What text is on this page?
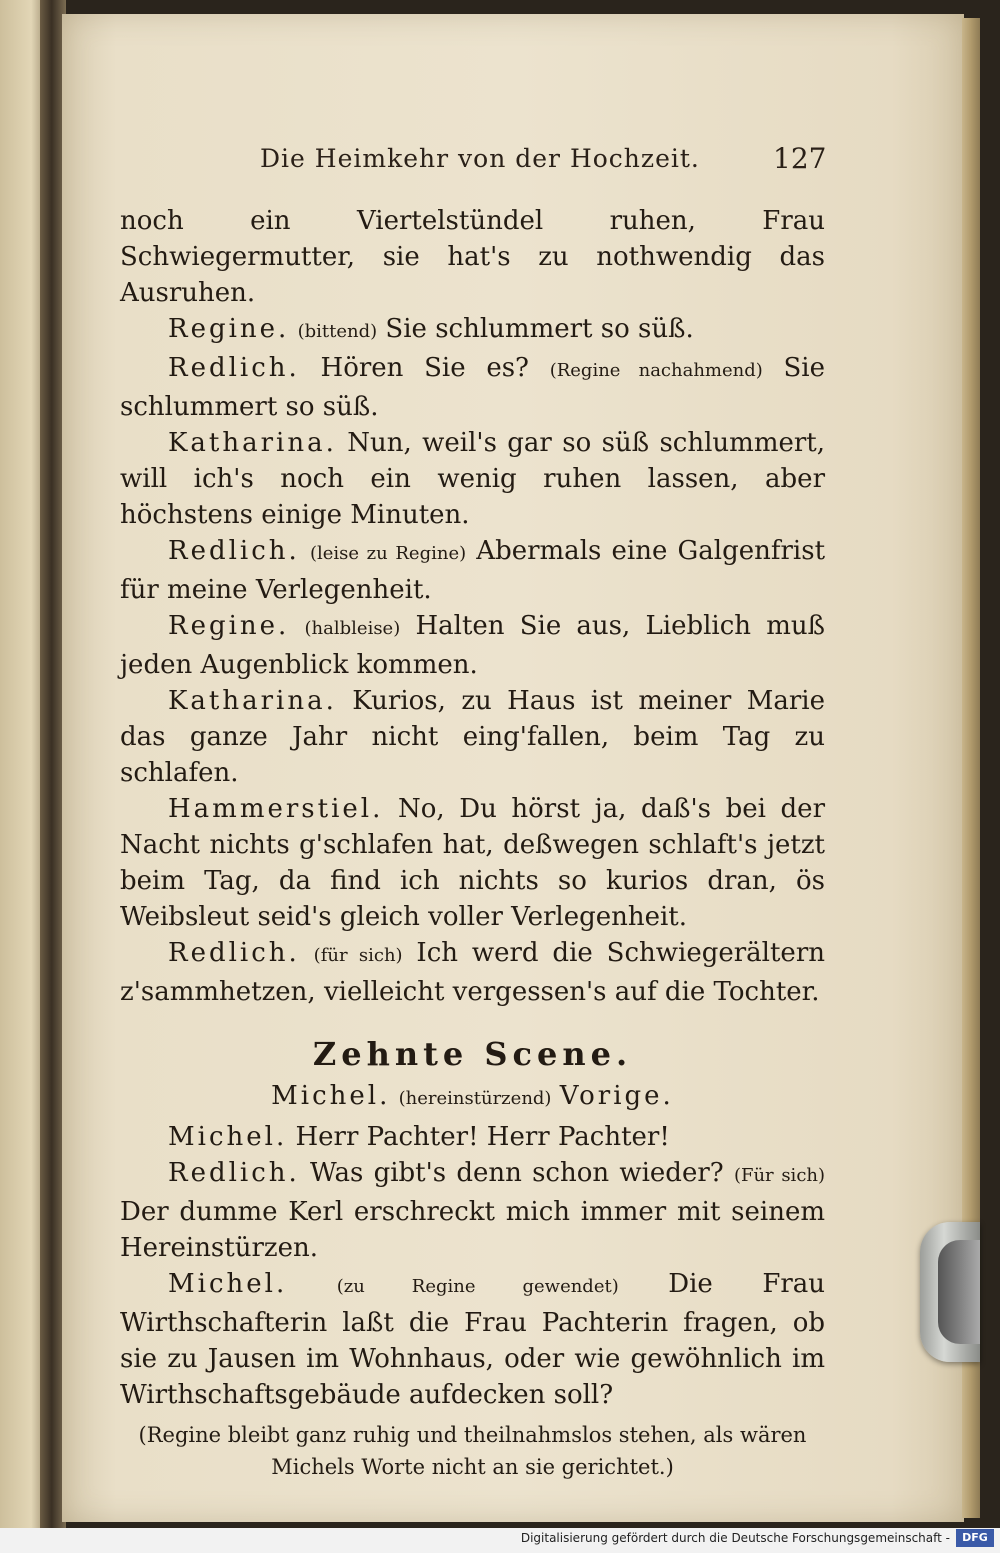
Die Heimkehr von der Hochzeit.	127

noch ein Viertelstündel ruhen, Frau Schwiegermutter, sie hat's zu nothwendig das Ausruhen.

Regine. (bittend) Sie schlummert so süß.

Redlich. Hören Sie es? (Regine nachahmend) Sie schlummert so süß.

Katharina. Nun, weil's gar so süß schlummert, will ich's noch ein wenig ruhen lassen, aber höchstens einige Minuten.

Redlich. (leise zu Regine) Abermals eine Galgenfrist für meine Verlegenheit.

Regine. (halbleise) Halten Sie aus, Lieblich muß jeden Augenblick kommen.

Katharina. Kurios, zu Haus ist meiner Marie das ganze Jahr nicht eing'fallen, beim Tag zu schlafen.

Hammerstiel. No, Du hörst ja, daß's bei der Nacht nichts g'schlafen hat, deßwegen schlaft's jetzt beim Tag, da find ich nichts so kurios dran, ös Weibsleut seid's gleich voller Verlegenheit.

Redlich. (für sich) Ich werd die Schwiegerältern z'sammhetzen, vielleicht vergessen's auf die Tochter.

Zehnte Scene.

Michel. (hereinstürzend) Vorige.

Michel. Herr Pachter! Herr Pachter!

Redlich. Was gibt's denn schon wieder? (Für sich) Der dumme Kerl erschreckt mich immer mit seinem Hereinstürzen.

Michel.	(zu Regine gewendet) Die Frau Wirthschafterin laßt die Frau Pachterin fragen, ob sie zu Jausen im Wohnhaus, oder wie gewöhnlich im Wirthschaftsgebäude aufdecken soll?

(Regine bleibt ganz ruhig und theilnahmslos stehen, als wären Michels Worte nicht an sie gerichtet.)

Digitalisierung gefördert durch die Deutsche Forschungsgemeinschaft -	DFG
